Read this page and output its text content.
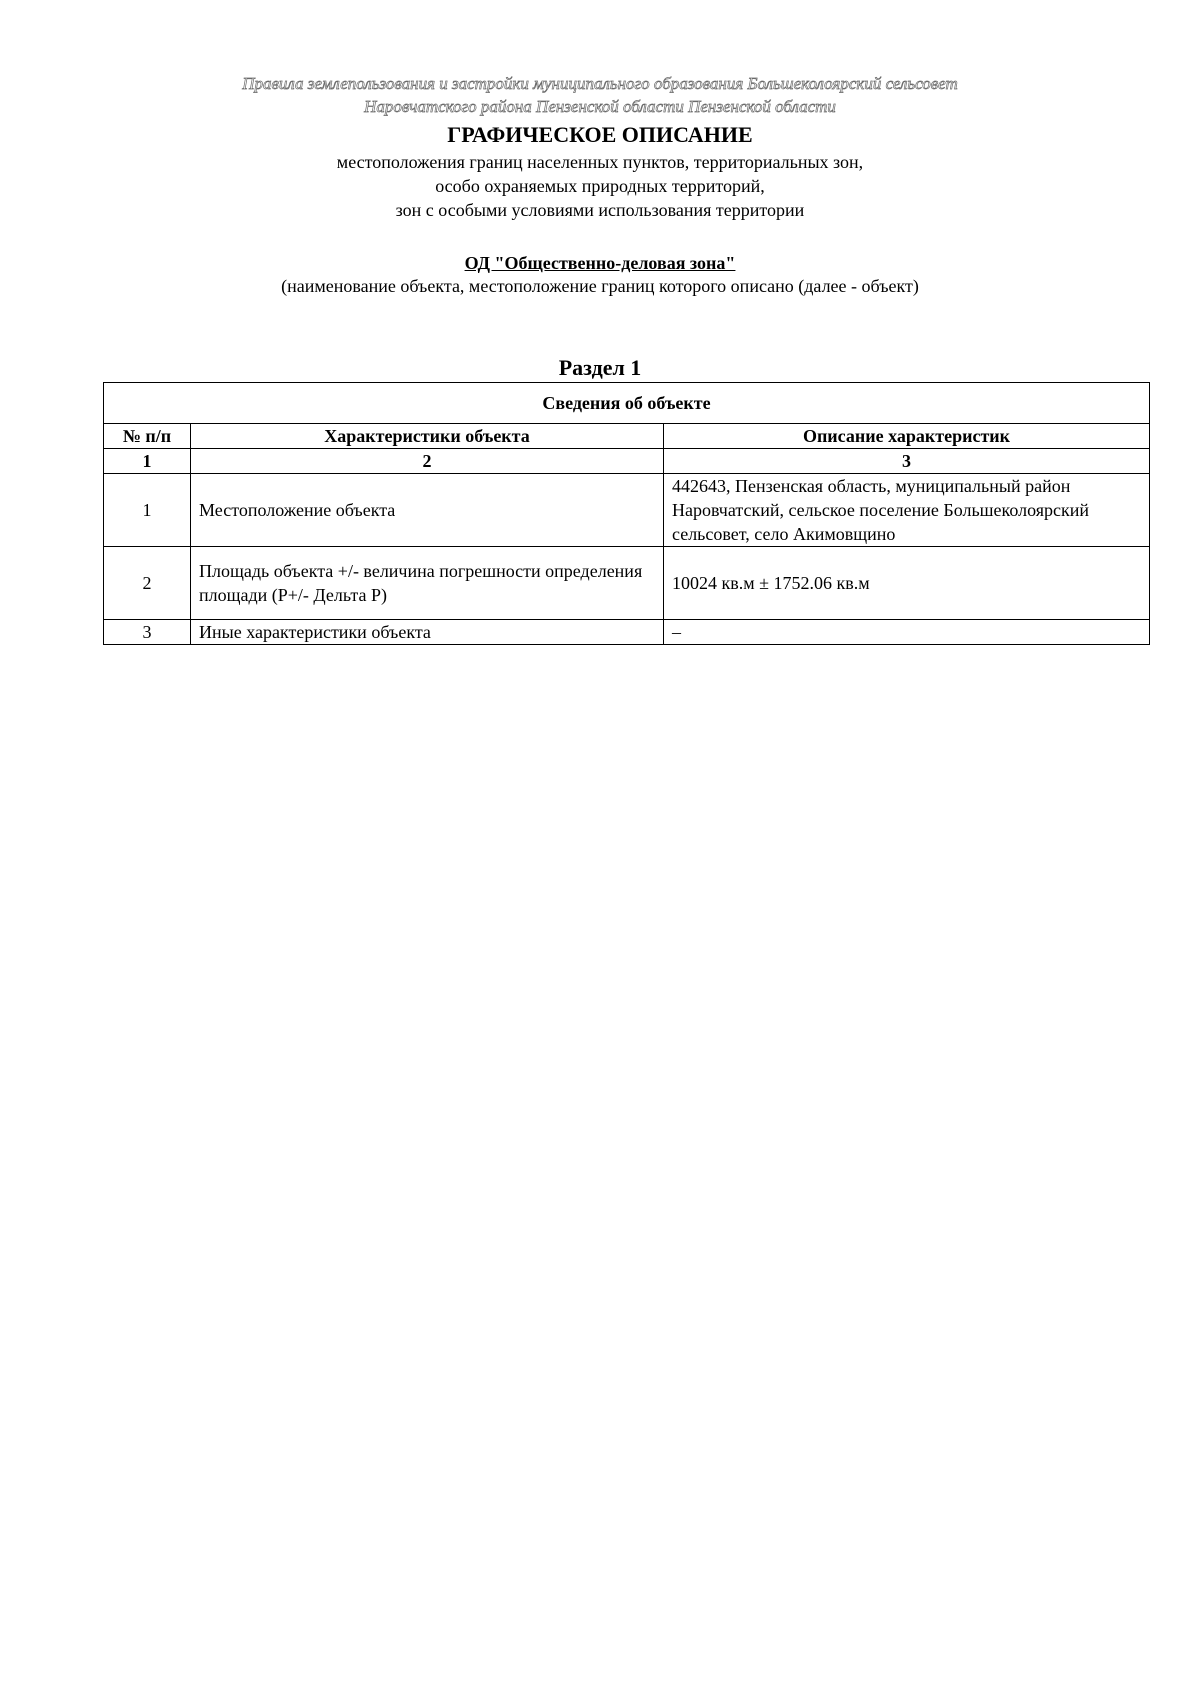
Правила землепользования и застройки муниципального образования Большеколоярский сельсовет
Наровчатского района Пензенской области Пензенской области
ГРАФИЧЕСКОЕ ОПИСАНИЕ
местоположения границ населенных пунктов, территориальных зон,
особо охраняемых природных территорий,
зон с особыми условиями использования территории
ОД "Общественно-деловая зона"
(наименование объекта, местоположение границ которого описано (далее - объект)
Раздел 1
Сведения об объекте		
№ п/п	Характеристики объекта	Описание характеристик
1	2	3
1	Местоположение объекта	442643, Пензенская область, муниципальный район Наровчатский, сельское поселение Большеколоярский сельсовет, село Акимовщино
2	Площадь объекта +/- величина погрешности определения площади (Р+/- Дельта Р)	10024 кв.м ± 1752.06 кв.м
3	Иные характеристики объекта	–
